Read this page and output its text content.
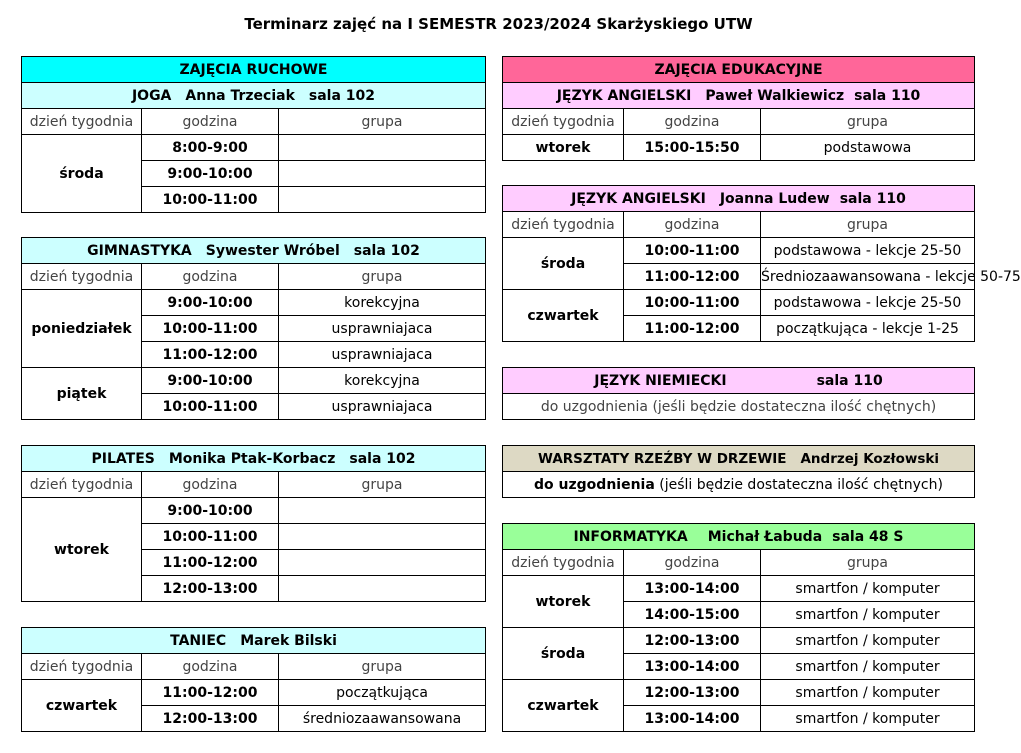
Terminarz zajęć na I SEMESTR 2023/2024 Skarżyskiego UTW
ZAJĘCIA RUCHOWE		
JOGA Anna Trzeciak sala 102		
dzień tygodnia	godzina	grupa
środa	8:00-9:00	
	9:00-10:00	
	10:00-11:00	
GIMNASTYKA Sywester Wróbel sala 102		
dzień tygodnia	godzina	grupa
poniedziałek	9:00-10:00	korekcyjna
	10:00-11:00	usprawniajaca
	11:00-12:00	usprawniajaca
piątek	9:00-10:00	korekcyjna
	10:00-11:00	usprawniajaca
PILATES Monika Ptak-Korbacz sala 102		
dzień tygodnia	godzina	grupa
wtorek	9:00-10:00	
	10:00-11:00	
	11:00-12:00	
	12:00-13:00	
TANIEC Marek Bilski		
dzień tygodnia	godzina	grupa
czwartek	11:00-12:00	początkująca
	12:00-13:00	średniozaawansowana
ZAJĘCIA EDUKACYJNE		
JĘZYK ANGIELSKI Paweł Walkiewicz sala 110		
dzień tygodnia	godzina	grupa
wtorek	15:00-15:50	podstawowa
JĘZYK ANGIELSKI Joanna Ludew sala 110		
dzień tygodnia	godzina	grupa
środa	10:00-11:00	podstawowa - lekcje 25-50
	11:00-12:00	Średniozaawansowana - lekcje 50-75
czwartek	10:00-11:00	podstawowa - lekcje 25-50
	11:00-12:00	początkująca - lekcje 1-25
JĘZYK NIEMIECKI	sala 110
do uzgodnienia (jeśli będzie dostateczna ilość chętnych)
WARSZTATY RZEŹBY W DRZEWIE Andrzej Kozłowski
do uzgodnienia (jeśli będzie dostateczna ilość chętnych)
INFORMATYKA Michał Łabuda sala 48 S		
dzień tygodnia	godzina	grupa
wtorek	13:00-14:00	smartfon / komputer
	14:00-15:00	smartfon / komputer
środa	12:00-13:00	smartfon / komputer
	13:00-14:00	smartfon / komputer
czwartek	12:00-13:00	smartfon / komputer
	13:00-14:00	smartfon / komputer
